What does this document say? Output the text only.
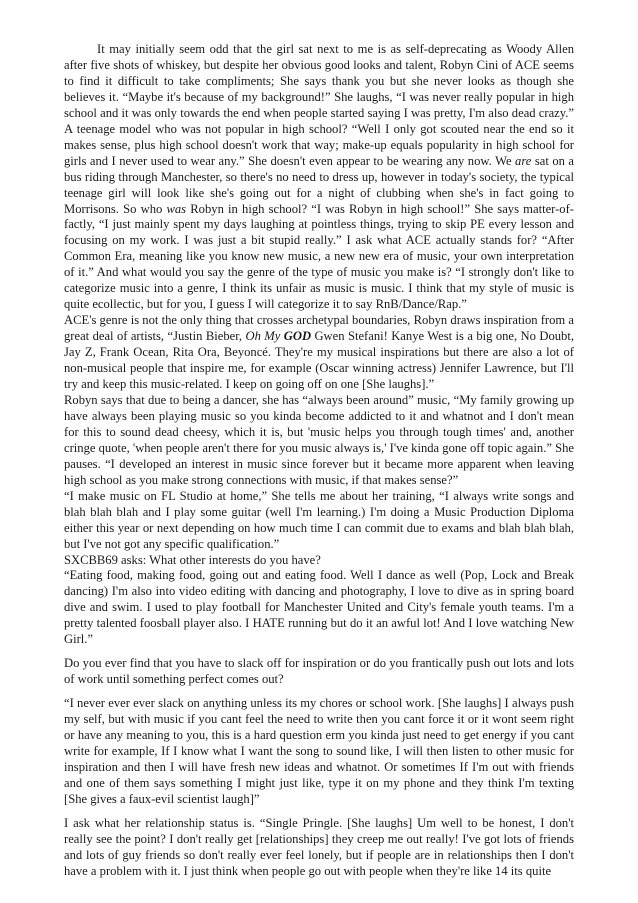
It may initially seem odd that the girl sat next to me is as self-deprecating as Woody Allen after five shots of whiskey, but despite her obvious good looks and talent, Robyn Cini of ACE seems to find it difficult to take compliments; She says thank you but she never looks as though she believes it. “Maybe it's because of my background!” She laughs, “I was never really popular in high school and it was only towards the end when people started saying I was pretty, I'm also dead crazy.” A teenage model who was not popular in high school? “Well I only got scouted near the end so it makes sense, plus high school doesn't work that way; make-up equals popularity in high school for girls and I never used to wear any.” She doesn't even appear to be wearing any now. We are sat on a bus riding through Manchester, so there's no need to dress up, however in today's society, the typical teenage girl will look like she's going out for a night of clubbing when she's in fact going to Morrisons. So who was Robyn in high school? “I was Robyn in high school!” She says matter-of-factly, “I just mainly spent my days laughing at pointless things, trying to skip PE every lesson and focusing on my work. I was just a bit stupid really.” I ask what ACE actually stands for? “After Common Era, meaning like you know new music, a new new era of music, your own interpretation of it.” And what would you say the genre of the type of music you make is? “I strongly don't like to categorize music into a genre, I think its unfair as music is music. I think that my style of music is quite ecollectic, but for you, I guess I will categorize it to say RnB/Dance/Rap.”

ACE's genre is not the only thing that crosses archetypal boundaries, Robyn draws inspiration from a great deal of artists, “Justin Bieber, Oh My GOD Gwen Stefani! Kanye West is a big one, No Doubt, Jay Z, Frank Ocean, Rita Ora, Beyoncé. They're my musical inspirations but there are also a lot of non-musical people that inspire me, for example (Oscar winning actress) Jennifer Lawrence, but I'll try and keep this music-related. I keep on going off on one [She laughs].”

Robyn says that due to being a dancer, she has “always been around” music, “My family growing up have always been playing music so you kinda become addicted to it and whatnot and I don't mean for this to sound dead cheesy, which it is, but 'music helps you through tough times' and, another cringe quote, 'when people aren't there for you music always is,' I've kinda gone off topic again.” She pauses. “I developed an interest in music since forever but it became more apparent when leaving high school as you make strong connections with music, if that makes sense?”

“I make music on FL Studio at home,” She tells me about her training, “I always write songs and blah blah blah and I play some guitar (well I'm learning.) I'm doing a Music Production Diploma either this year or next depending on how much time I can commit due to exams and blah blah blah, but I've not got any specific qualification.”

SXCBB69 asks: What other interests do you have?

“Eating food, making food, going out and eating food. Well I dance as well (Pop, Lock and Break dancing) I'm also into video editing with dancing and photography, I love to dive as in spring board dive and swim. I used to play football for Manchester United and City's female youth teams. I'm a pretty talented foosball player also. I HATE running but do it an awful lot! And I love watching New Girl.”

Do you ever find that you have to slack off for inspiration or do you frantically push out lots and lots of work until something perfect comes out?

“I never ever ever slack on anything unless its my chores or school work. [She laughs] I always push my self, but with music if you cant feel the need to write then you cant force it or it wont seem right or have any meaning to you, this is a hard question erm you kinda just need to get energy if you cant write for example, If I know what I want the song to sound like, I will then listen to other music for inspiration and then I will have fresh new ideas and whatnot. Or sometimes If I'm out with friends and one of them says something I might just like, type it on my phone and they think I'm texting [She gives a faux-evil scientist laugh]”

I ask what her relationship status is. “Single Pringle. [She laughs] Um well to be honest, I don't really see the point? I don't really get [relationships] they creep me out really! I've got lots of friends and lots of guy friends so don't really ever feel lonely, but if people are in relationships then I don't have a problem with it. I just think when people go out with people when they're like 14 its quite
